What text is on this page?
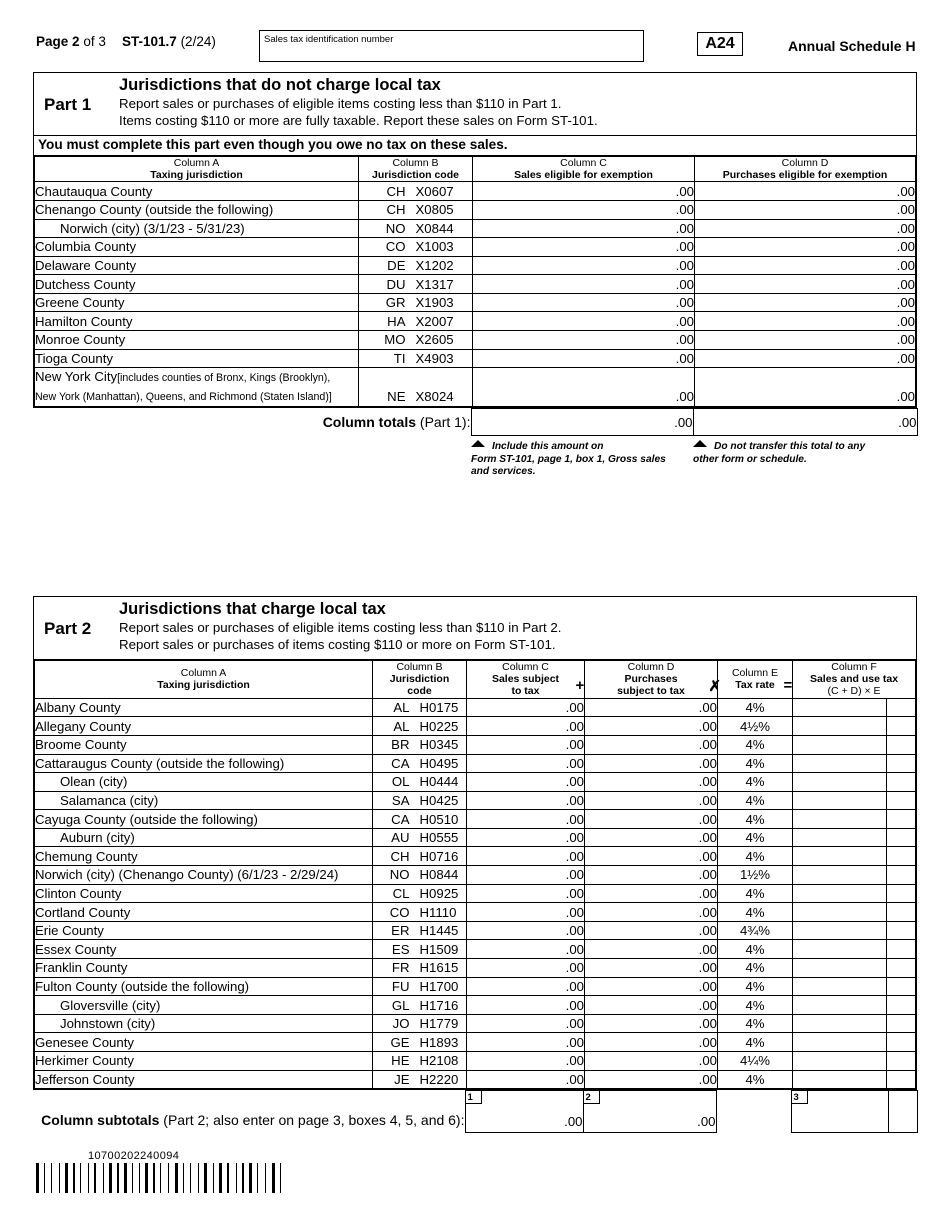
Page 2 of 3 ST-101.7 (2/24)	Sales tax identification number	A24	Annual Schedule H
Part 1
Jurisdictions that do not charge local tax
Report sales or purchases of eligible items costing less than $110 in Part 1.
Items costing $110 or more are fully taxable. Report these sales on Form ST-101.
You must complete this part even though you owe no tax on these sales.
Column A
Taxing jurisdiction

Column B
Jurisdiction code

Column C
Sales eligible for exemption

Column D
Purchases eligible for exemption

Chautauqua County	CH X0607	.00	.00
Chenango County (outside the following)	CH X0805	.00	.00
Norwich (city) (3/1/23 - 5/31/23)	NO X0844	.00	.00
Columbia County	CO X1003	.00	.00
Delaware County	DE X1202	.00	.00
Dutchess County	DU X1317	.00	.00
Greene County	GR X1903	.00	.00
Hamilton County	HA X2007	.00	.00
Monroe County	MO X2605	.00	.00
Tioga County	TI X4903	.00	.00
New York City[includes counties of Bronx, Kings (Brooklyn),
New York (Manhattan), Queens, and Richmond (Staten Island)]	NE X8024	.00	.00
Column totals (Part 1):	.00	.00
Include this amount on
Form ST-101, page 1, box 1, Gross sales
and services.
Do not transfer this total to any
other form or schedule.
Part 2
Jurisdictions that charge local tax
Report sales or purchases of eligible items costing less than $110 in Part 2.
Report sales or purchases of items costing $110 or more on Form ST-101.
Column A
Taxing jurisdiction

Column B
Jurisdiction
code

Column C
Sales subject
to tax

Column D
Purchases
subject to tax

Column E
Tax rate

Column F
Sales and use tax
(C + D) × E

Albany County	AL H0175	.00	.00	4%		
Allegany County	AL H0225	.00	.00	4½%		
Broome County	BR H0345	.00	.00	4%		
Cattaraugus County (outside the following)	CA H0495	.00	.00	4%		
Olean (city)	OL H0444	.00	.00	4%		
Salamanca (city)	SA H0425	.00	.00	4%		
Cayuga County (outside the following)	CA H0510	.00	.00	4%		
Auburn (city)	AU H0555	.00	.00	4%		
Chemung County	CH H0716	.00	.00	4%		
Norwich (city) (Chenango County) (6/1/23 - 2/29/24)	NO H0844	.00	.00	1½%		
Clinton County	CL H0925	.00	.00	4%		
Cortland County	CO H1110	.00	.00	4%		
Erie County	ER H1445	.00	.00	4¾%		
Essex County	ES H1509	.00	.00	4%		
Franklin County	FR H1615	.00	.00	4%		
Fulton County (outside the following)	FU H1700	.00	.00	4%		
Gloversville (city)	GL H1716	.00	.00	4%		
Johnstown (city)	JO H1779	.00	.00	4%		
Genesee County	GE H1893	.00	.00	4%		
Herkimer County	HE H2108	.00	.00	4¼%		
Jefferson County	JE H2220	.00	.00	4%		
+	✗	=
Column subtotals (Part 2; also enter on page 3, boxes 4, 5, and 6):	
1
.00	
2
.00		
3

10700202240094
